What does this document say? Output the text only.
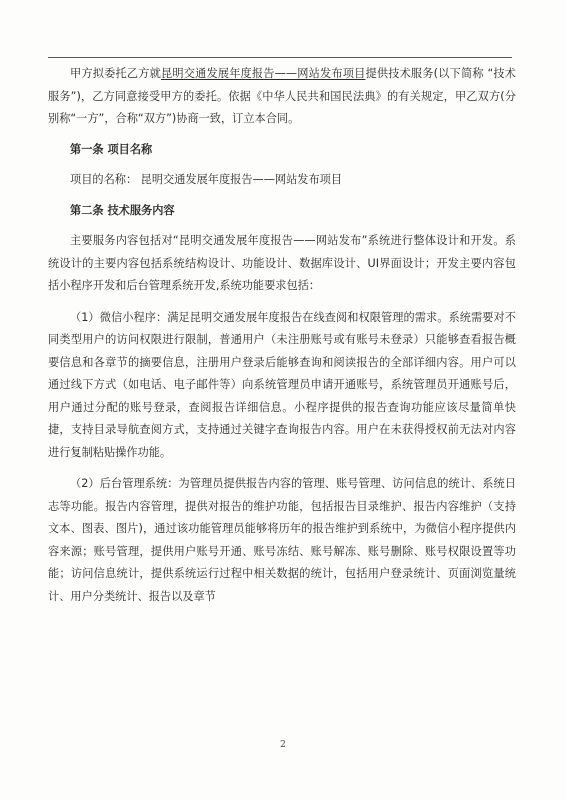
甲方拟委托乙方就昆明交通发展年度报告——网站发布项目提供技术服务(以下简称 “技术服务”)，乙方同意接受甲方的委托。依据《中华人民共和国民法典》的有关规定，甲乙双方(分别称“一方”，合称“双方”)协商一致，订立本合同。

第一条 项目名称

项目的名称： 昆明交通发展年度报告——网站发布项目

第二条 技术服务内容

主要服务内容包括对“昆明交通发展年度报告——网站发布”系统进行整体设计和开发。系统设计的主要内容包括系统结构设计、功能设计、数据库设计、UI界面设计；开发主要内容包括小程序开发和后台管理系统开发,系统功能要求包括：

（1）微信小程序：满足昆明交通发展年度报告在线查阅和权限管理的需求。系统需要对不同类型用户的访问权限进行限制，普通用户（未注册账号或有账号未登录）只能够查看报告概要信息和各章节的摘要信息，注册用户登录后能够查询和阅读报告的全部详细内容。用户可以通过线下方式（如电话、电子邮件等）向系统管理员申请开通账号，系统管理员开通账号后，用户通过分配的账号登录，查阅报告详细信息。小程序提供的报告查询功能应该尽量简单快捷，支持目录导航查阅方式，支持通过关键字查询报告内容。用户在未获得授权前无法对内容进行复制粘贴操作功能。

（2）后台管理系统：为管理员提供报告内容的管理、账号管理、访问信息的统计、系统日志等功能。报告内容管理，提供对报告的维护功能，包括报告目录维护、报告内容维护（支持文本、图表、图片)，通过该功能管理员能够将历年的报告维护到系统中，为微信小程序提供内容来源；账号管理，提供用户账号开通、账号冻结、账号解冻、账号删除、账号权限设置等功能；访问信息统计，提供系统运行过程中相关数据的统计，包括用户登录统计、页面浏览量统计、用户分类统计、报告以及章节

2
